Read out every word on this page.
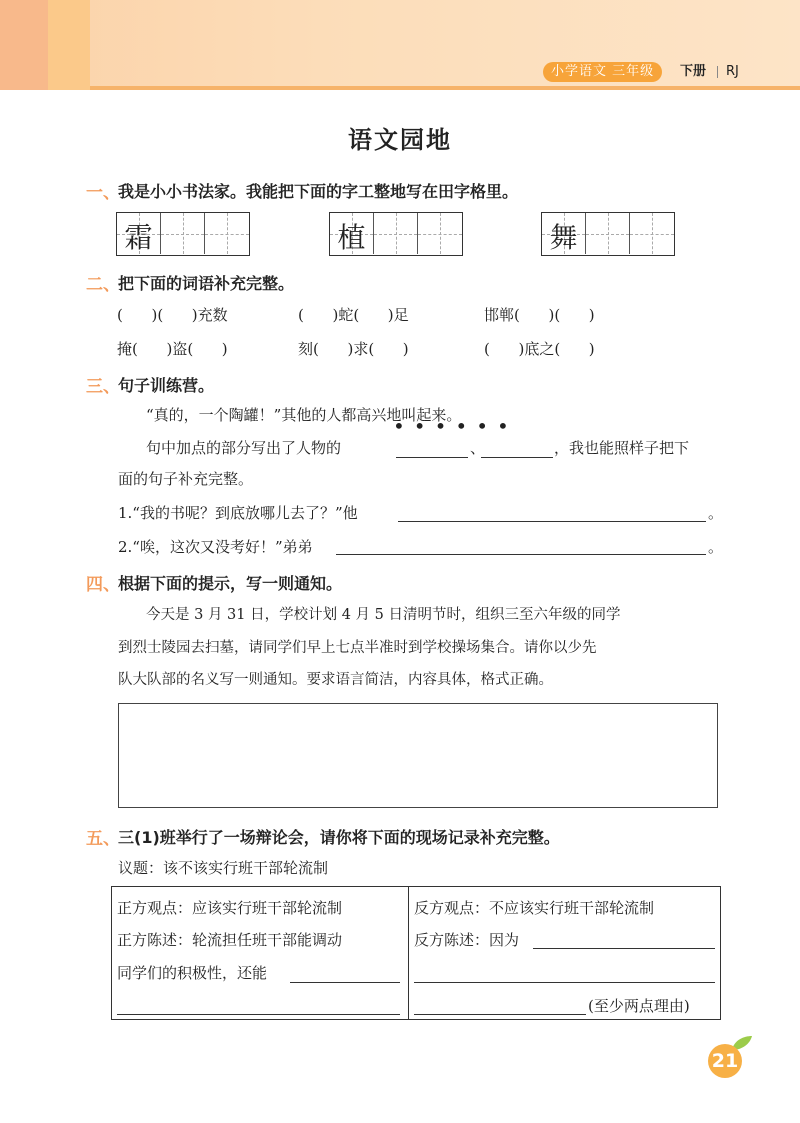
小学语文 三年级	下册 RJ
语文园地
一、
我是小小书法家。我能把下面的字工整地写在田字格里。
霜	植	舞
二、
把下面的词语补充完整。
(      )(      )充数	(      )蛇(      )足	邯郸(      )(      )
掩(      )盗(      )	刻(      )求(      )	(      )底之(      )
三、
句子训练营。
“真的，一个陶罐！”其他的人都高兴地叫起来。
••••••
句中加点的部分写出了人物的	、	，我也能照样子把下
面的句子补充完整。
1.“我的书呢？到底放哪儿去了？”他	。
2.“唉，这次又没考好！”弟弟	。
四、
根据下面的提示，写一则通知。
今天是 3 月 31 日，学校计划 4 月 5 日清明节时，组织三至六年级的同学
到烈士陵园去扫墓，请同学们早上七点半准时到学校操场集合。请你以少先
队大队部的名义写一则通知。要求语言简洁，内容具体，格式正确。
五、
三(1)班举行了一场辩论会，请你将下面的现场记录补充完整。
议题：该不该实行班干部轮流制
正方观点：应该实行班干部轮流制
正方陈述：轮流担任班干部能调动
同学们的积极性，还能
反方观点：不应该实行班干部轮流制
反方陈述：因为
(至少两点理由)
21
